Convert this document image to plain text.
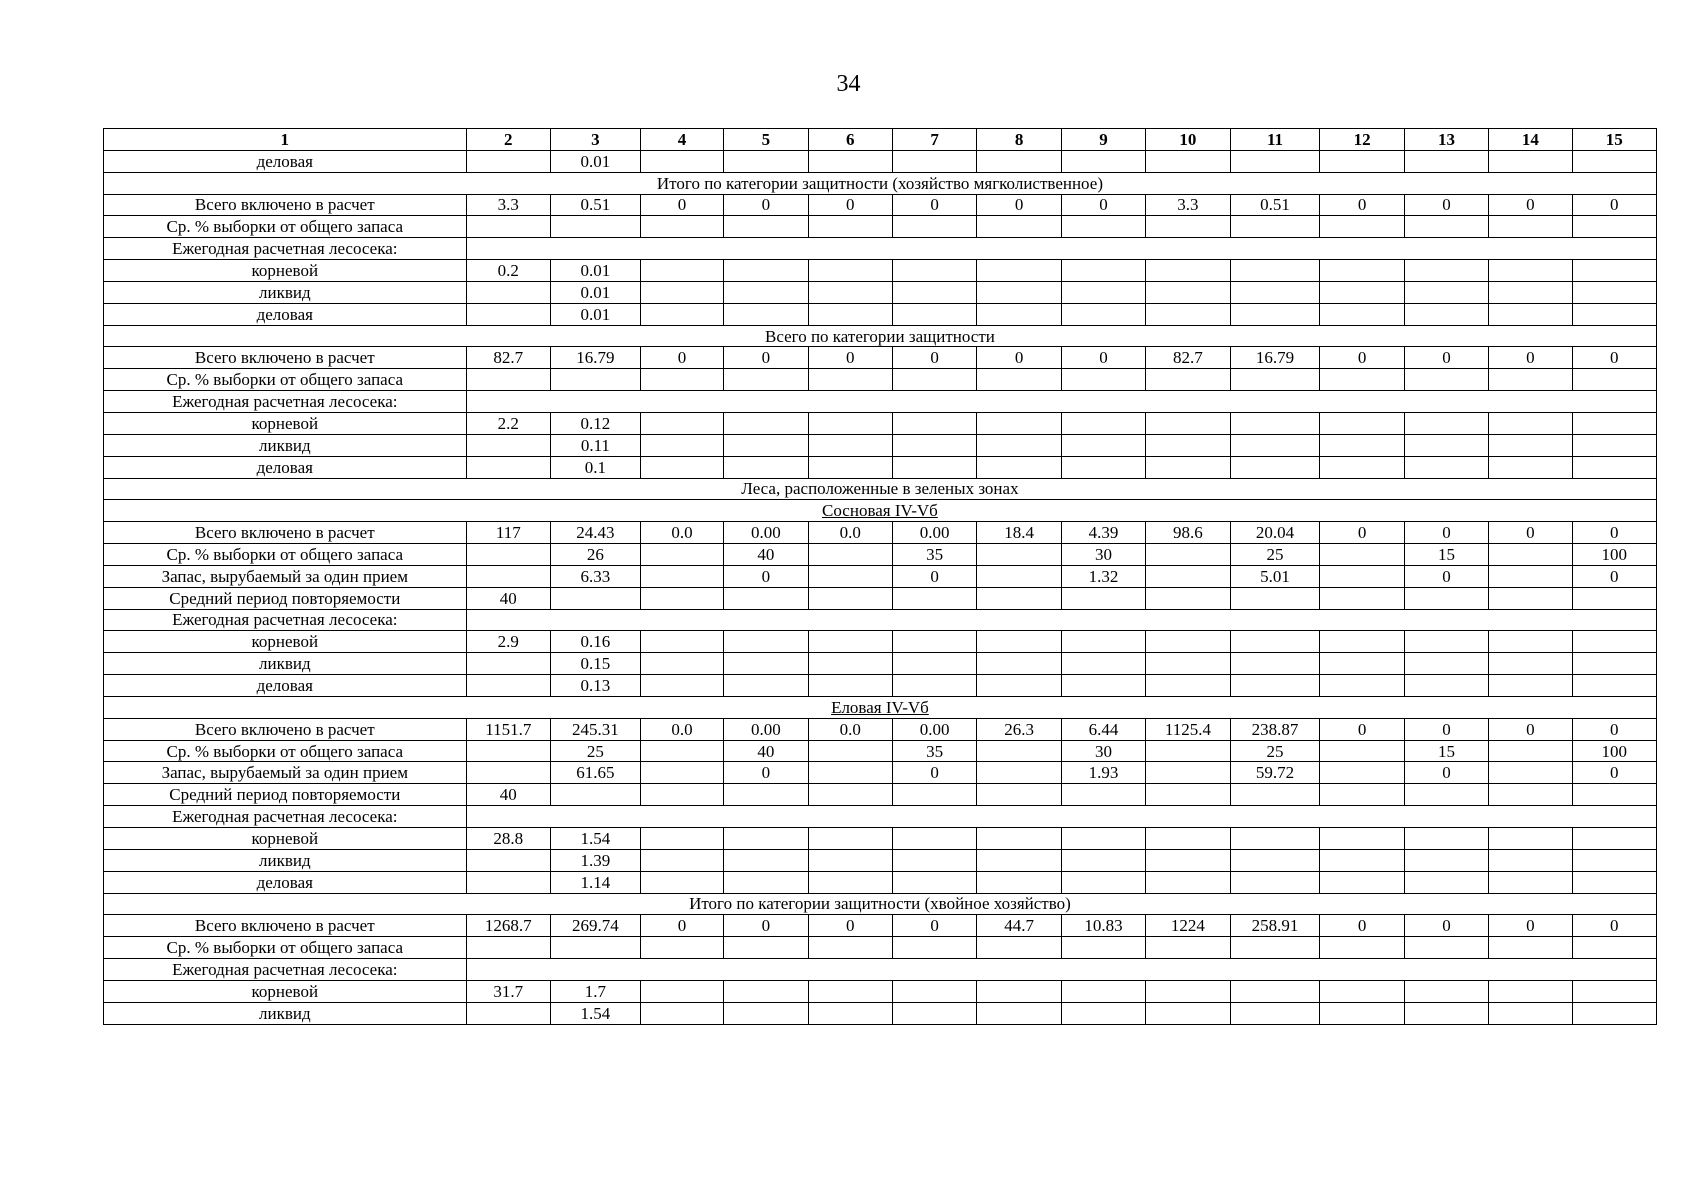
34
1	2	3	4	5	6	7	8	9	10	11	12	13	14	15
деловая		0.01												
Итого по категории защитности (хозяйство мягколиственное)														
Всего включено в расчет	3.3	0.51	0	0	0	0	0	0	3.3	0.51	0	0	0	0
Ср. % выборки от общего запаса														
Ежегодная расчетная лесосека:														
корневой	0.2	0.01												
ликвид		0.01												
деловая		0.01												
Всего по категории защитности														
Всего включено в расчет	82.7	16.79	0	0	0	0	0	0	82.7	16.79	0	0	0	0
Ср. % выборки от общего запаса														
Ежегодная расчетная лесосека:														
корневой	2.2	0.12												
ликвид		0.11												
деловая		0.1												
Леса, расположенные в зеленых зонах														
Сосновая IV-Vб														
Всего включено в расчет	117	24.43	0.0	0.00	0.0	0.00	18.4	4.39	98.6	20.04	0	0	0	0
Ср. % выборки от общего запаса		26		40		35		30		25		15		100
Запас, вырубаемый за один прием		6.33		0		0		1.32		5.01		0		0
Средний период повторяемости	40													
Ежегодная расчетная лесосека:														
корневой	2.9	0.16												
ликвид		0.15												
деловая		0.13												
Еловая IV-Vб														
Всего включено в расчет	1151.7	245.31	0.0	0.00	0.0	0.00	26.3	6.44	1125.4	238.87	0	0	0	0
Ср. % выборки от общего запаса		25		40		35		30		25		15		100
Запас, вырубаемый за один прием		61.65		0		0		1.93		59.72		0		0
Средний период повторяемости	40													
Ежегодная расчетная лесосека:														
корневой	28.8	1.54												
ликвид		1.39												
деловая		1.14												
Итого по категории защитности (хвойное хозяйство)														
Всего включено в расчет	1268.7	269.74	0	0	0	0	44.7	10.83	1224	258.91	0	0	0	0
Ср. % выборки от общего запаса														
Ежегодная расчетная лесосека:														
корневой	31.7	1.7												
ликвид		1.54												
